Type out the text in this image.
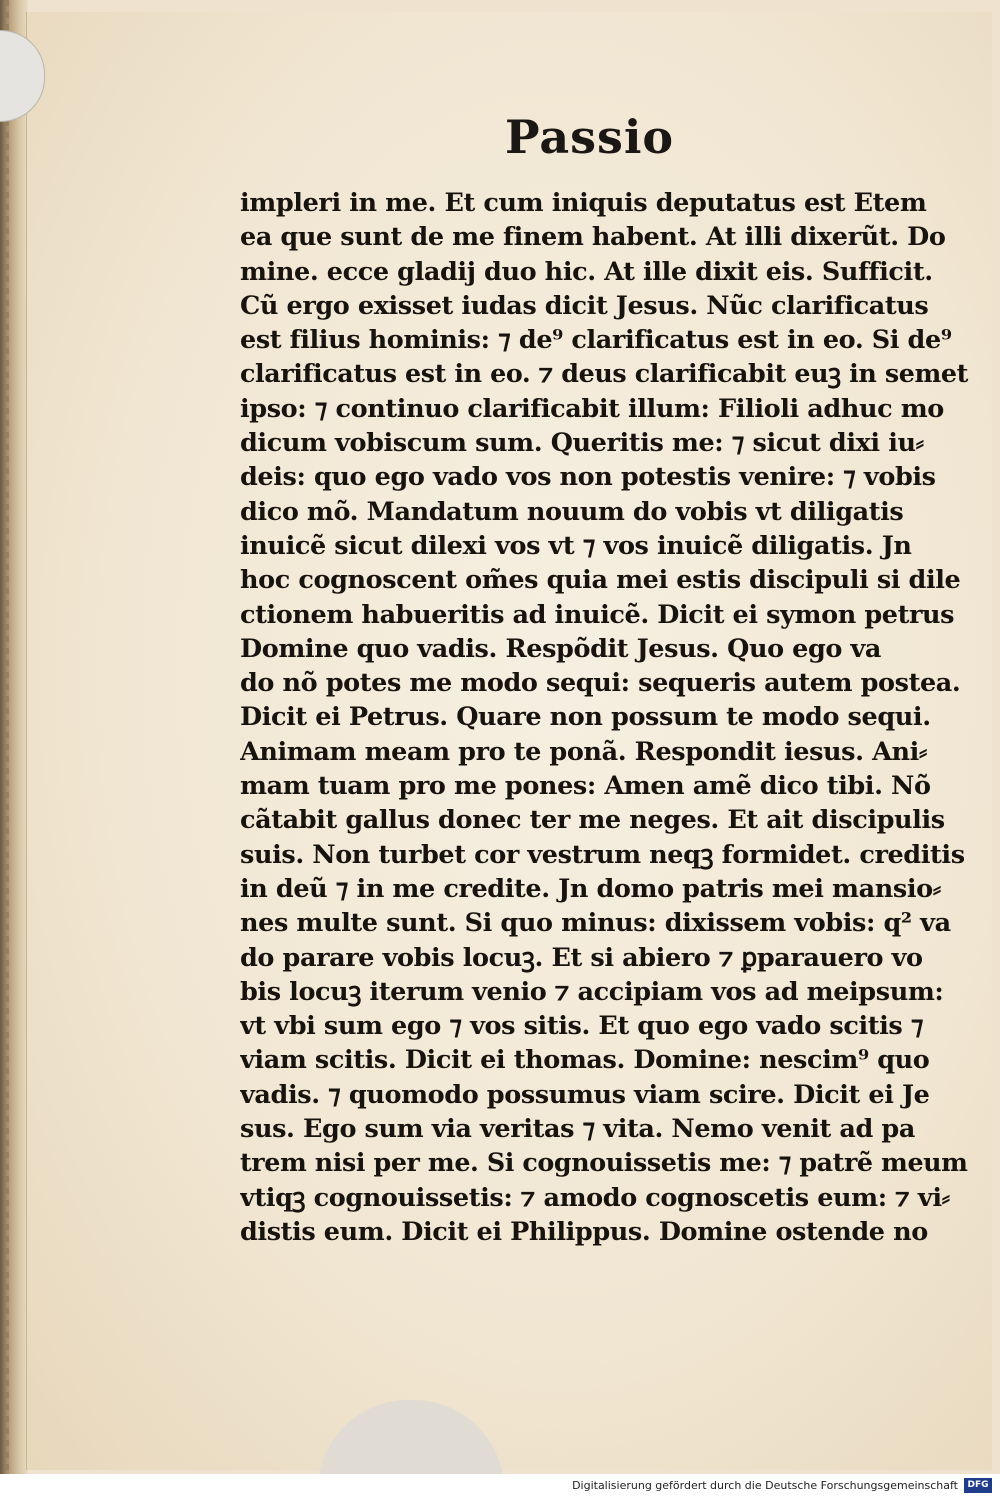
Passio
impleri in me. Et cum iniquis deputatus est Etem
ea que sunt de me finem habent. At illi dixerũt. Do
mine. ecce gladij duo hic. At ille dixit eis. Sufficit.
Cũ ergo exisset iudas dicit Jesus. Nũc clarificatus
est filius hominis: ⁊ de⁹ clarificatus est in eo. Si de⁹
clarificatus est in eo. ⁊ deus clarificabit euꝫ in semet
ipso: ⁊ continuo clarificabit illum: Filioli adhuc mo
dicum vobiscum sum. Queritis me: ⁊ sicut dixi iu⸗
deis: quo ego vado vos non potestis venire: ⁊ vobis
dico mõ. Mandatum nouum do vobis vt diligatis
inuicẽ sicut dilexi vos vt ⁊ vos inuicẽ diligatis. Jn
hoc cognoscent om̃es quia mei estis discipuli si dile
ctionem habueritis ad inuicẽ. Dicit ei symon petrus
Domine quo vadis. Respõdit Jesus. Quo ego va
do nõ potes me modo sequi: sequeris autem postea.
Dicit ei Petrus. Quare non possum te modo sequi.
Animam meam pro te ponã. Respondit iesus. Ani⸗
mam tuam pro me pones: Amen amẽ dico tibi. Nõ
cãtabit gallus donec ter me neges. Et ait discipulis
suis. Non turbet cor vestrum neqꝫ formidet. creditis
in deũ ⁊ in me credite. Jn domo patris mei mansio⸗
nes multe sunt. Si quo minus: dixissem vobis: q² va
do parare vobis locuꝫ. Et si abiero ⁊ ꝑparauero vo
bis locuꝫ iterum venio ⁊ accipiam vos ad meipsum:
vt vbi sum ego ⁊ vos sitis. Et quo ego vado scitis ⁊
viam scitis. Dicit ei thomas. Domine: nescim⁹ quo
vadis. ⁊ quomodo possumus viam scire. Dicit ei Je
sus. Ego sum via veritas ⁊ vita. Nemo venit ad pa
trem nisi per me. Si cognouissetis me: ⁊ patrẽ meum
vtiqꝫ cognouissetis: ⁊ amodo cognoscetis eum: ⁊ vi⸗
distis eum. Dicit ei Philippus. Domine ostende no
Digitalisierung gefördert durch die Deutsche Forschungsgemeinschaft	DFG
